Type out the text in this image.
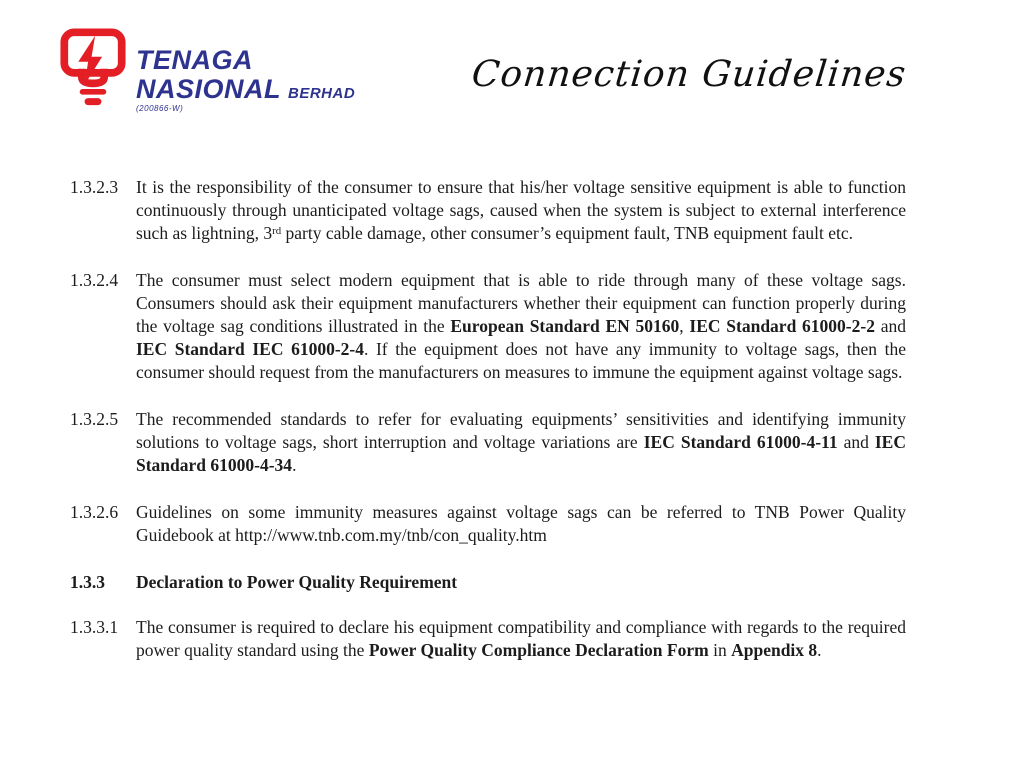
TENAGA
NASIONAL BERHAD
(200866-W)
Connection Guidelines
1.3.2.3	It is the responsibility of the consumer to ensure that his/her voltage sensitive equipment is able to function continuously through unanticipated voltage sags, caused when the system is subject to external interference such as lightning, 3rd party cable damage, other consumer’s equipment fault, TNB equipment fault etc.
1.3.2.4	The consumer must select modern equipment that is able to ride through many of these voltage sags. Consumers should ask their equipment manufacturers whether their equipment can function properly during the voltage sag conditions illustrated in the European Standard EN 50160, IEC Standard 61000-2-2 and IEC Standard IEC 61000-2-4. If the equipment does not have any immunity to voltage sags, then the consumer should request from the manufacturers on measures to immune the equipment against voltage sags.
1.3.2.5	The recommended standards to refer for evaluating equipments’ sensitivities and identifying immunity solutions to voltage sags, short interruption and voltage variations are IEC Standard 61000-4-11 and IEC Standard 61000-4-34.
1.3.2.6	Guidelines on some immunity measures against voltage sags can be referred to TNB Power Quality Guidebook at http://www.tnb.com.my/tnb/con_quality.htm
1.3.3	Declaration to Power Quality Requirement
1.3.3.1	The consumer is required to declare his equipment compatibility and compliance with regards to the required power quality standard using the Power Quality Compliance Declaration Form in Appendix 8.
